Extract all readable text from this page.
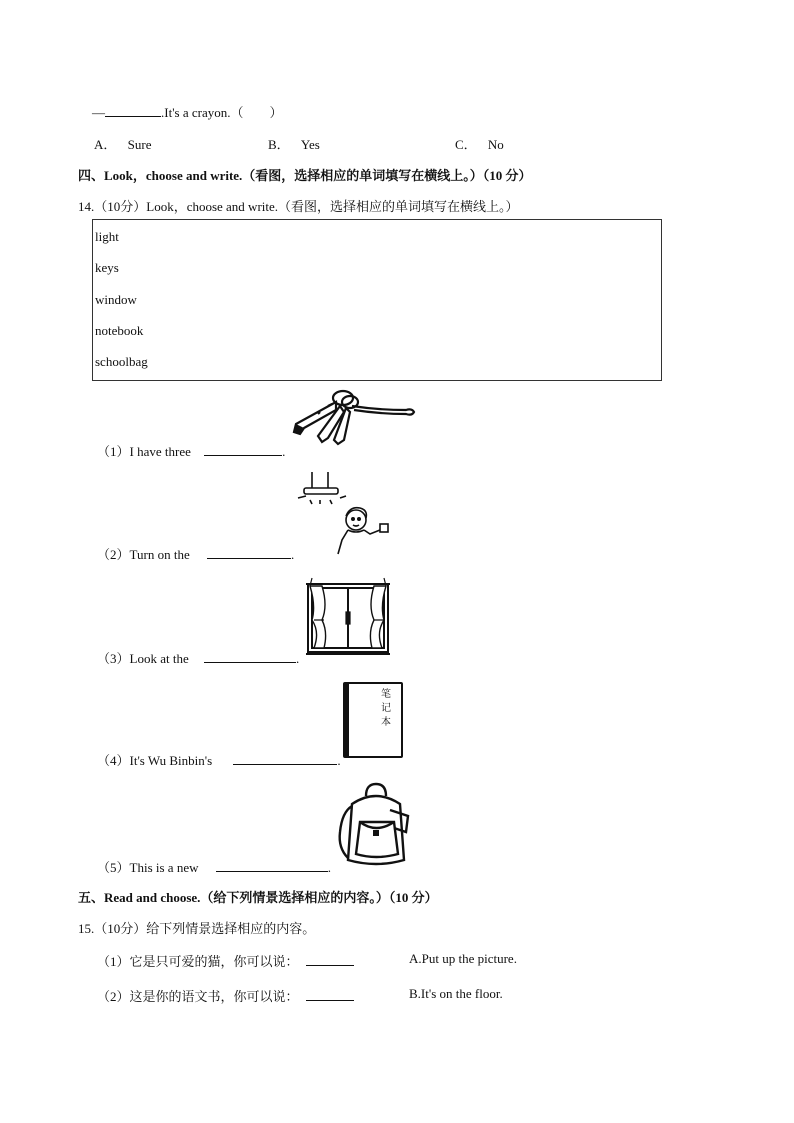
—	.It's a crayon.（　　）
A． Sure	B． Yes	C． No
四、Look，choose and write.（看图，选择相应的单词填写在横线上。）（10 分）
14.（10分）Look，choose and write.（看图，选择相应的单词填写在横线上。）
light
keys
window
notebook
schoolbag
（1）I have three	.
（2）Turn on the	.
（3）Look at the	.
笔记本
（4）It's Wu Binbin's	.
（5）This is a new	.
五、Read and choose.（给下列情景选择相应的内容。）（10 分）
15.（10分）给下列情景选择相应的内容。
（1）它是只可爱的猫，你可以说：	A.Put up the picture.
（2）这是你的语文书，你可以说：	B.It's on the floor.
